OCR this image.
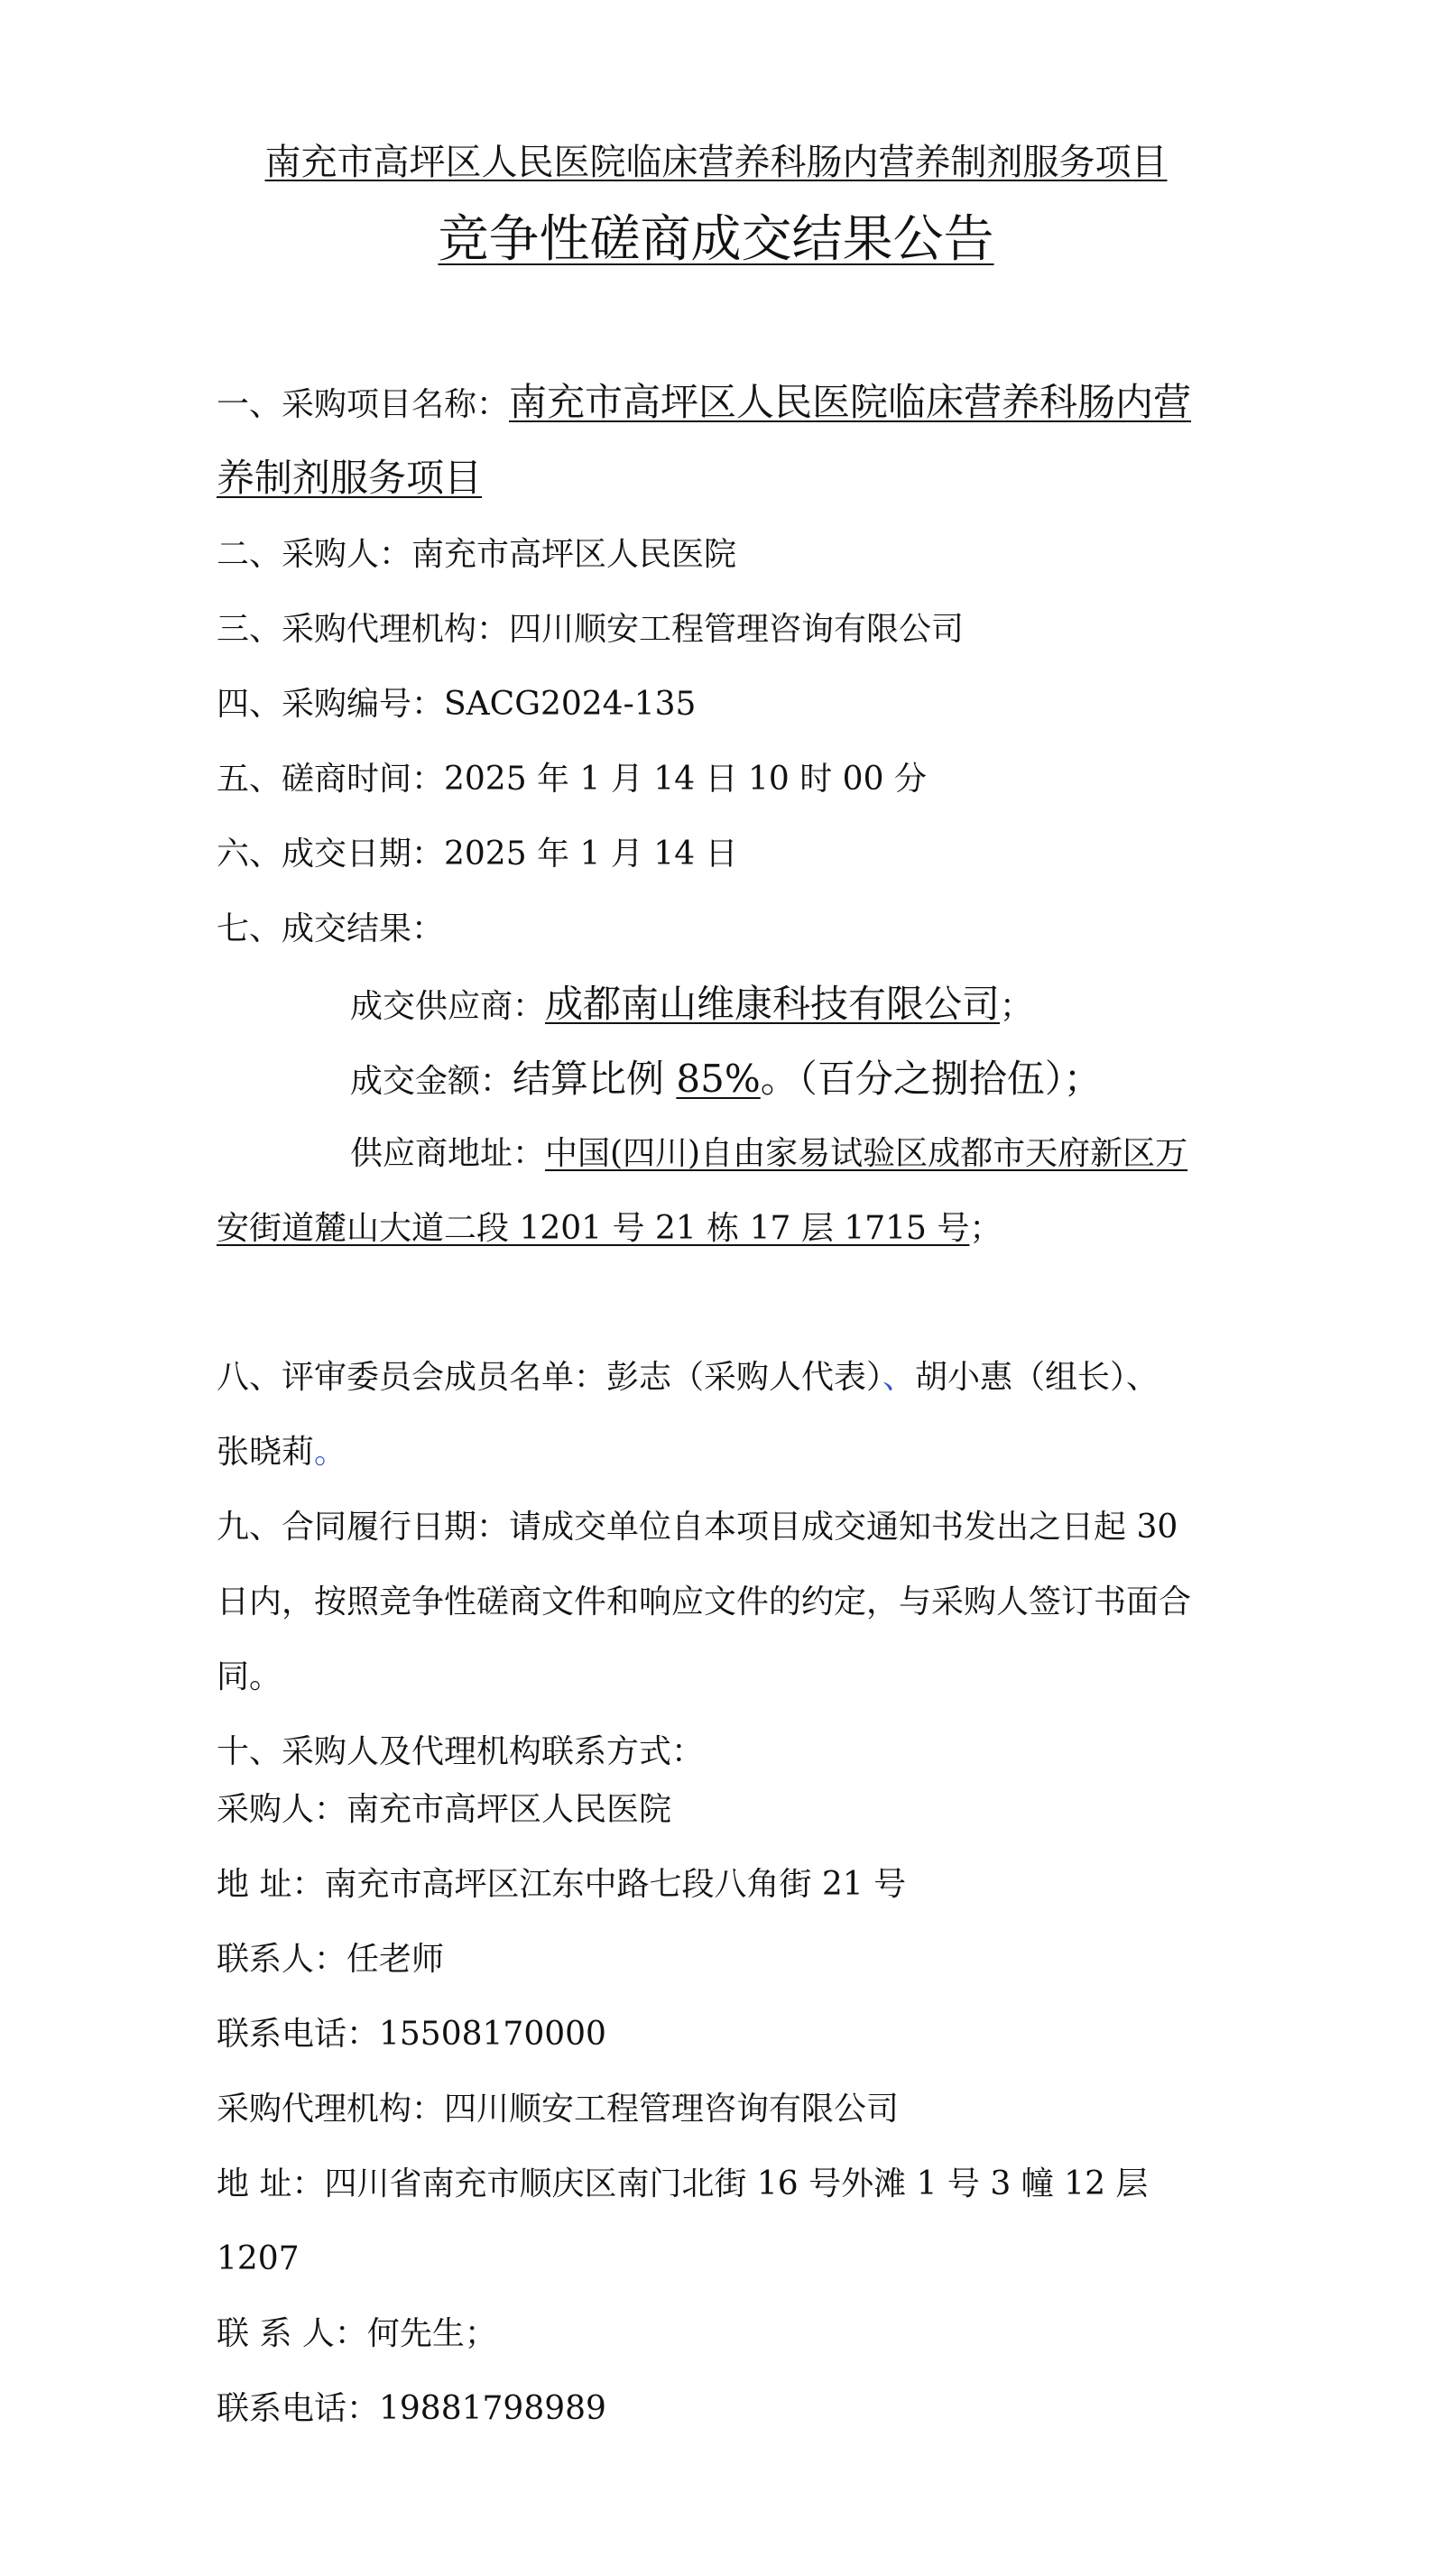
南充市高坪区人民医院临床营养科肠内营养制剂服务项目
竞争性磋商成交结果公告
一、采购项目名称：南充市高坪区人民医院临床营养科肠内营
养制剂服务项目
二、采购人：南充市高坪区人民医院
三、采购代理机构：四川顺安工程管理咨询有限公司
四、采购编号：SACG2024-135
五、磋商时间：2025 年 1 月 14 日 10 时 00 分
六、成交日期：2025 年 1 月 14 日
七、成交结果：
成交供应商：成都南山维康科技有限公司；
成交金额：结算比例 85%。（百分之捌拾伍）；
供应商地址：中国(四川)自由家易试验区成都市天府新区万
安街道麓山大道二段 1201 号 21 栋 17 层 1715 号；
八、评审委员会成员名单：彭志（采购人代表）、胡小惠（组长）、
张晓莉。
九、合同履行日期：请成交单位自本项目成交通知书发出之日起 30
日内，按照竞争性磋商文件和响应文件的约定，与采购人签订书面合
同。
十、采购人及代理机构联系方式：
采购人：南充市高坪区人民医院
地 址：南充市高坪区江东中路七段八角街 21 号
联系人：任老师
联系电话：15508170000
采购代理机构：四川顺安工程管理咨询有限公司
地 址：四川省南充市顺庆区南门北街 16 号外滩 1 号 3 幢 12 层
1207
联 系 人：何先生；
联系电话：19881798989
